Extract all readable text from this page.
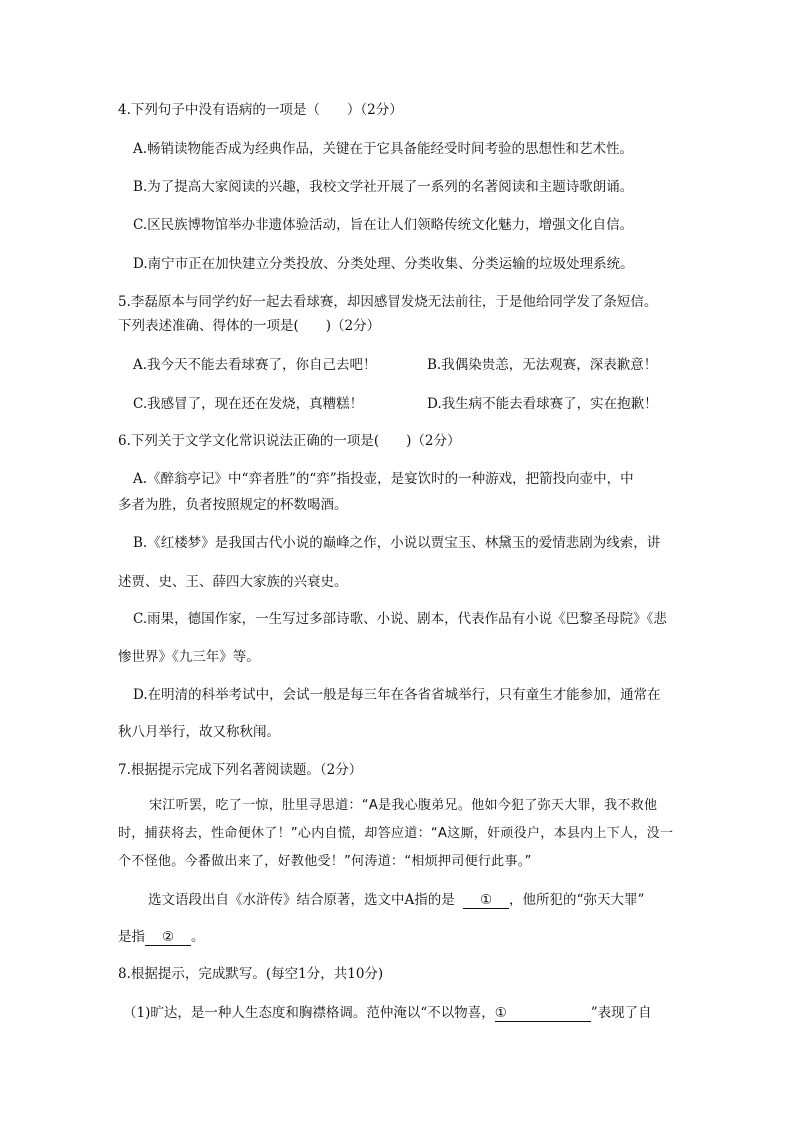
4.下列句子中没有语病的一项是（　　）（2分）
A.畅销读物能否成为经典作品，关键在于它具备能经受时间考验的思想性和艺术性。
B.为了提高大家阅读的兴趣，我校文学社开展了一系列的名著阅读和主题诗歌朗诵。
C.区民族博物馆举办非遗体验活动，旨在让人们领略传统文化魅力，增强文化自信。
D.南宁市正在加快建立分类投放、分类处理、分类收集、分类运输的垃圾处理系统。
5.李磊原本与同学约好一起去看球赛，却因感冒发烧无法前往，于是他给同学发了条短信。
下列表述准确、得体的一项是(　　)（2分）
A.我今天不能去看球赛了，你自己去吧！	B.我偶染贵恙，无法观赛，深表歉意！
C.我感冒了，现在还在发烧，真糟糕！	D.我生病不能去看球赛了，实在抱歉！
6.下列关于文学文化常识说法正确的一项是(　　)（2分）
A.《醉翁亭记》中“弈者胜”的“弈”指投壶，是宴饮时的一种游戏，把箭投向壶中，中
多者为胜，负者按照规定的杯数喝酒。
B.《红楼梦》是我国古代小说的巅峰之作，小说以贾宝玉、林黛玉的爱情悲剧为线索，讲
述贾、史、王、薛四大家族的兴衰史。
C.雨果，德国作家，一生写过多部诗歌、小说、剧本，代表作品有小说《巴黎圣母院》《悲
惨世界》《九三年》等。
D.在明清的科举考试中，会试一般是每三年在各省省城举行，只有童生才能参加，通常在
秋八月举行，故又称秋闱。
7.根据提示完成下列名著阅读题。（2分）

宋江听罢，吃了一惊，肚里寻思道：“A是我心腹弟兄。他如今犯了弥天大罪，我不救他时，捕获将去，性命便休了！”心内自慌，却答应道：“A这厮，奸顽役户，本县内上下人，没一个不怪他。今番做出来了，好教他受！”何涛道：“相烦押司便行此事。”

选文语段出自《水浒传》结合原著，选文中A指的是 ① ，他所犯的“弥天大罪”
是指 ② 。
8.根据提示，完成默写。(每空1分，共10分)
（1)旷达，是一种人生态度和胸襟格调。范仲淹以“不以物喜，①	”表现了自
